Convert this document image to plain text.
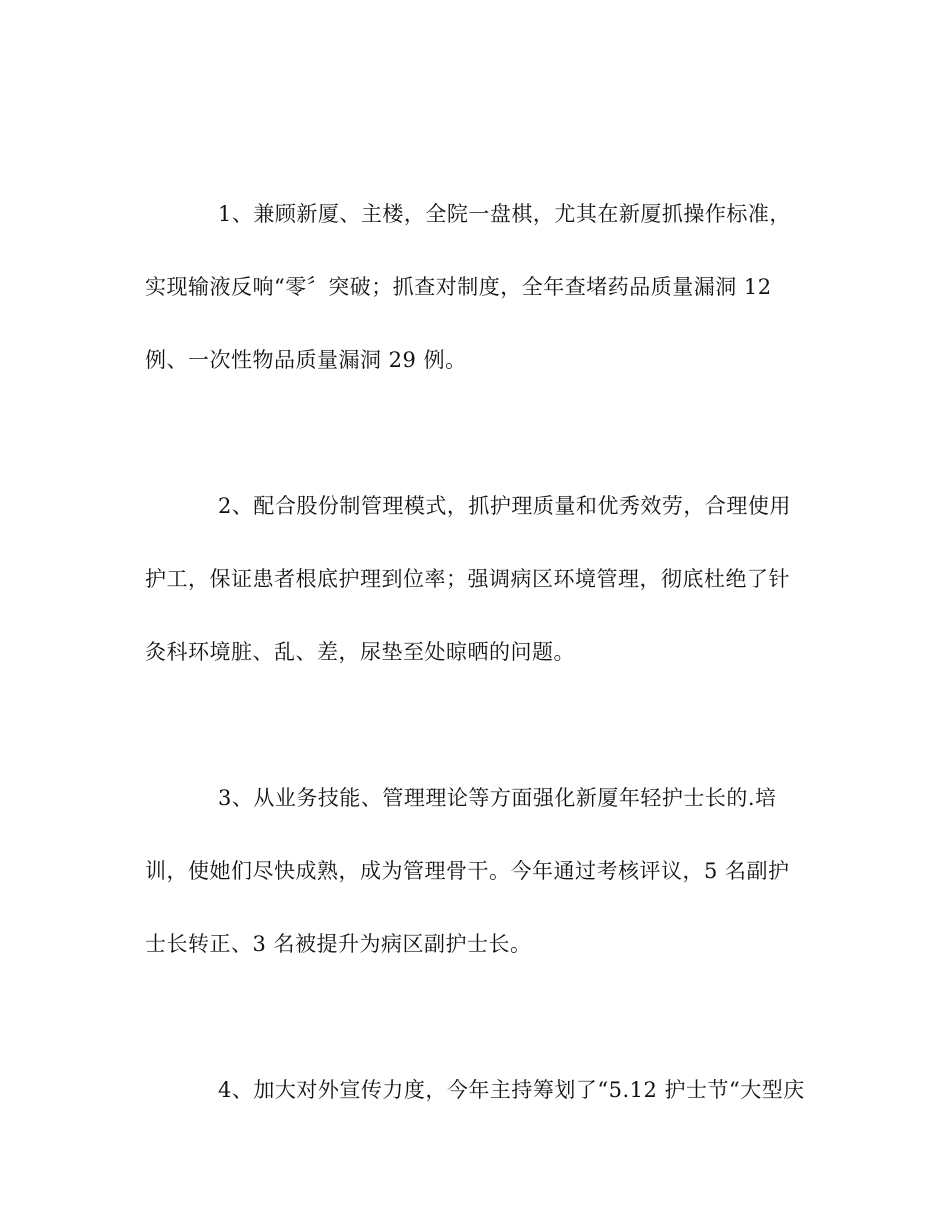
1、兼顾新厦、主楼，全院一盘棋，尤其在新厦抓操作标准，
实现输液反响“零〞突破；抓查对制度，全年查堵药品质量漏洞 12
例、一次性物品质量漏洞 29 例。
2、配合股份制管理模式，抓护理质量和优秀效劳，合理使用
护工，保证患者根底护理到位率；强调病区环境管理，彻底杜绝了针
灸科环境脏、乱、差，尿垫至处晾晒的问题。
3、从业务技能、管理理论等方面强化新厦年轻护士长的.培
训，使她们尽快成熟，成为管理骨干。今年通过考核评议，5 名副护
士长转正、3 名被提升为病区副护士长。
4、加大对外宣传力度，今年主持筹划了“5.12 护士节“大型庆
